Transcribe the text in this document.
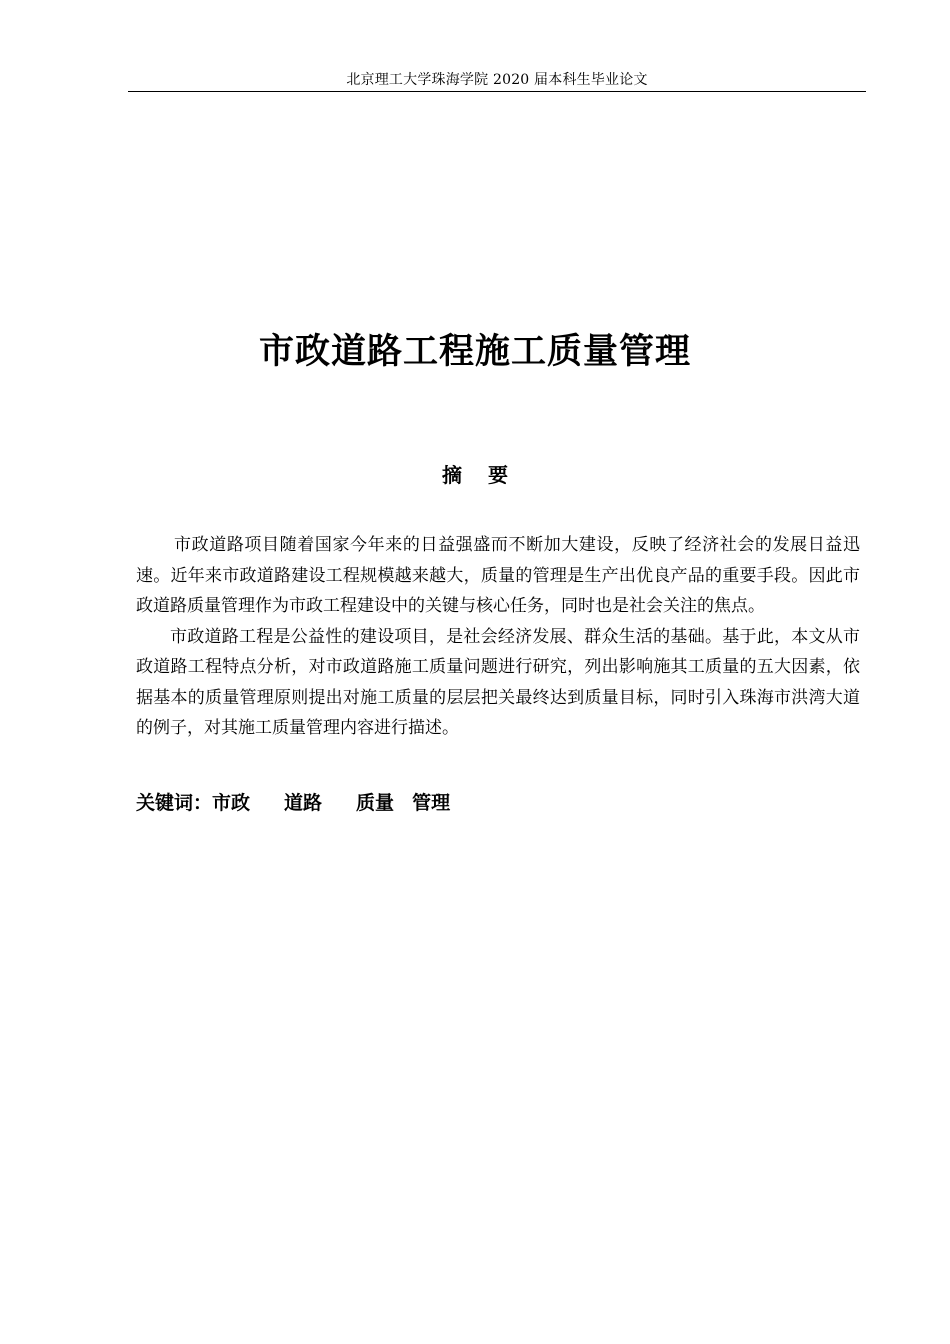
北京理工大学珠海学院 2020 届本科生毕业论文
市政道路工程施工质量管理
摘 要

市政道路项目随着国家今年来的日益强盛而不断加大建设，反映了经济社会的发展日益迅速。近年来市政道路建设工程规模越来越大，质量的管理是生产出优良产品的重要手段。因此市政道路质量管理作为市政工程建设中的关键与核心任务，同时也是社会关注的焦点。

市政道路工程是公益性的建设项目，是社会经济发展、群众生活的基础。基于此，本文从市政道路工程特点分析，对市政道路施工质量问题进行研究，列出影响施其工质量的五大因素，依据基本的质量管理原则提出对施工质量的层层把关最终达到质量目标，同时引入珠海市洪湾大道的例子，对其施工质量管理内容进行描述。

关键词：市政 道路 质量 管理
